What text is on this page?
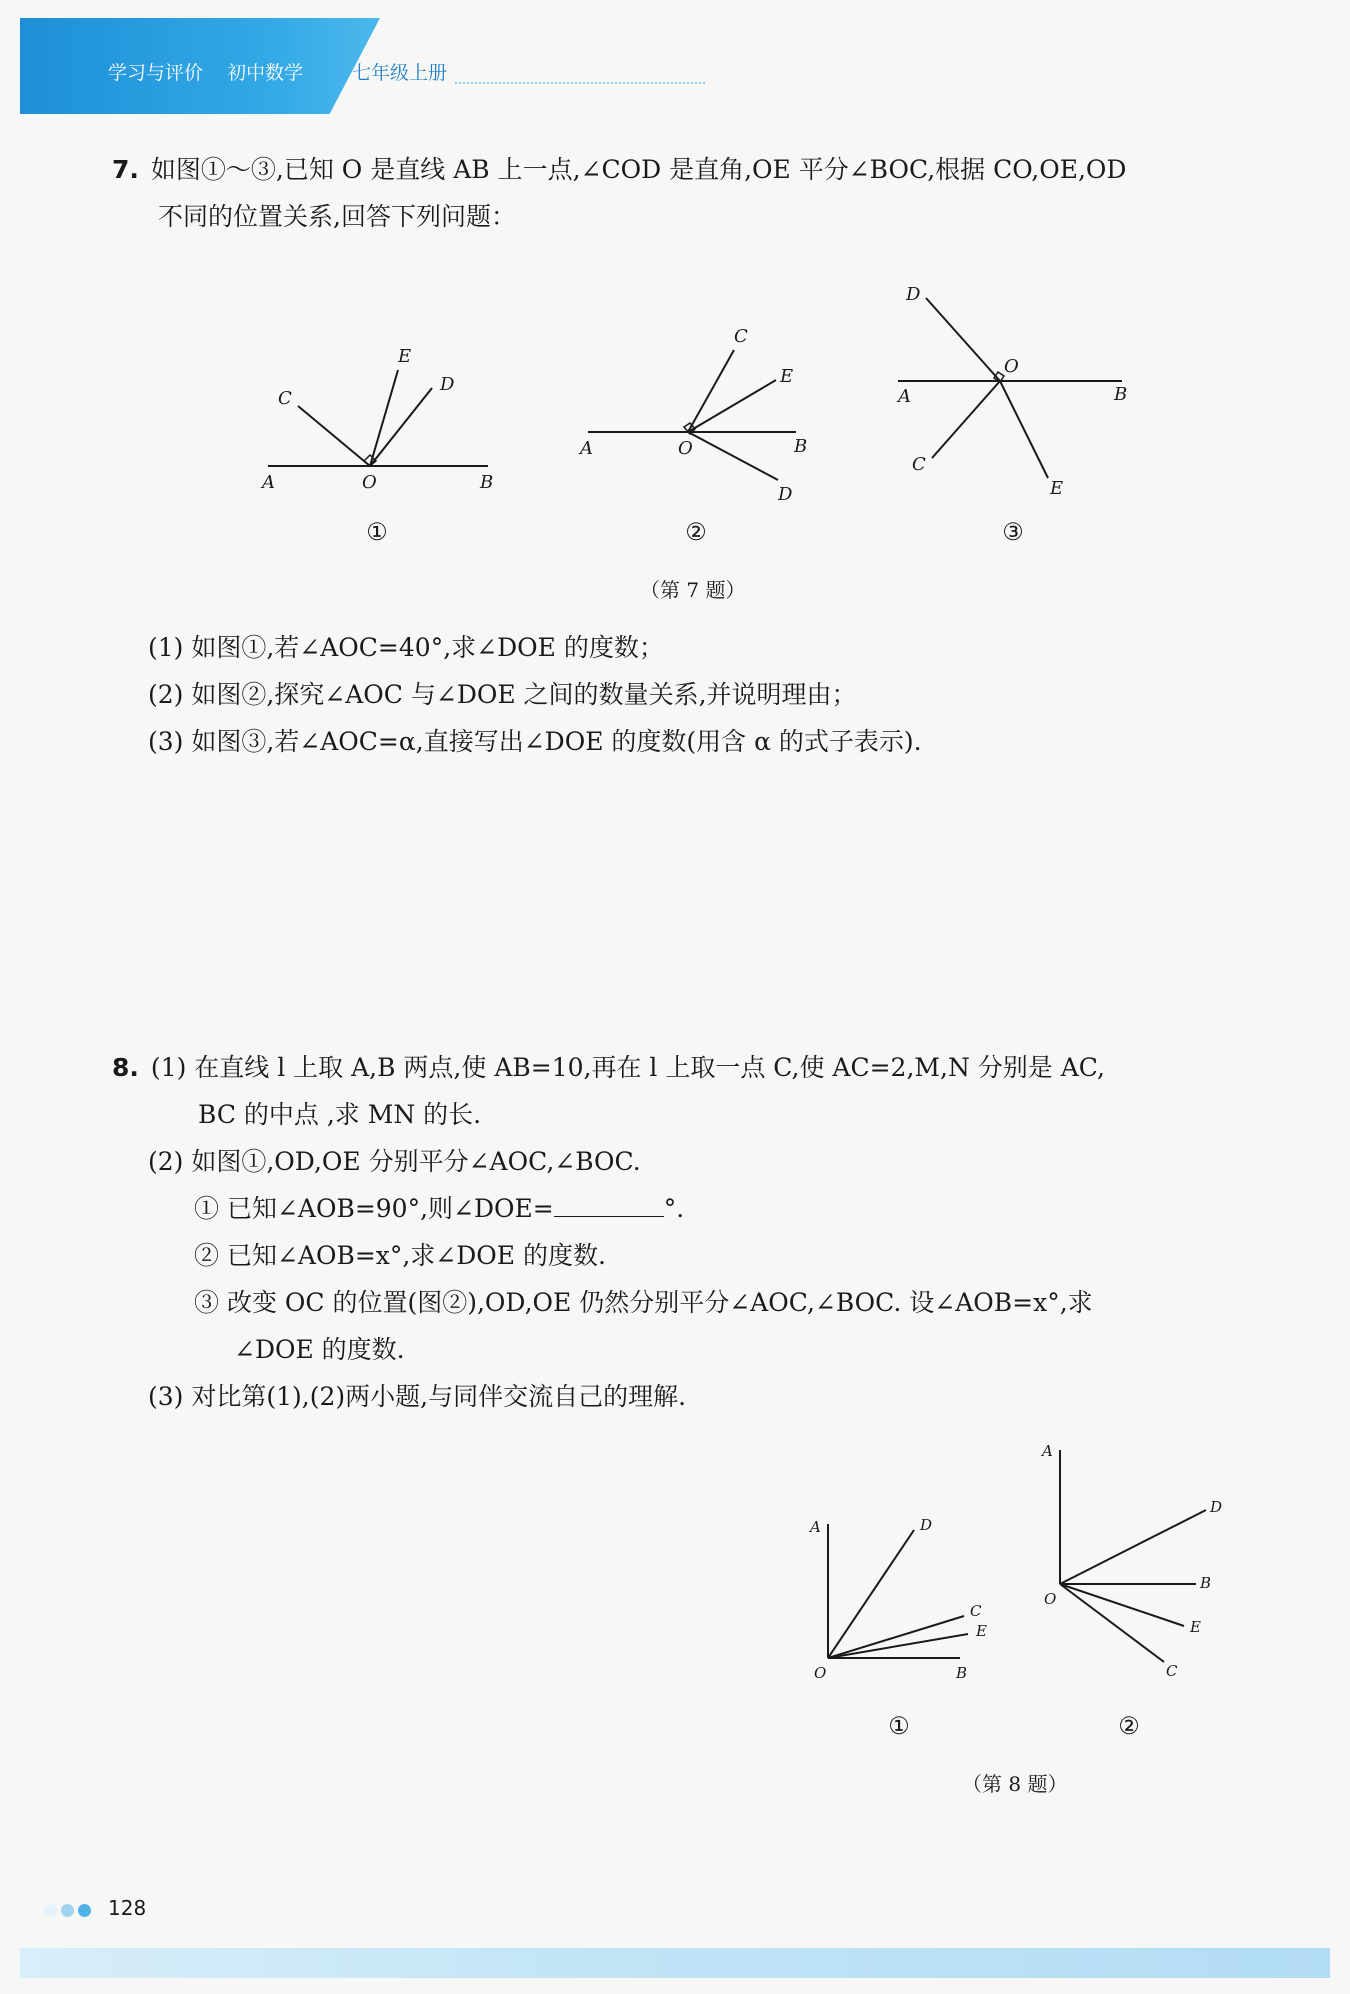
学习与评价 初中数学	七年级上册
7. 如图①～③,已知 O 是直线 AB 上一点,∠COD 是直角,OE 平分∠BOC,根据 CO,OE,OD
不同的位置关系,回答下列问题：
C
E
D
A	O	B
①
C
E
A	O	B
D
②
D
O
A	B
C
E
③
（第 7 题）
(1) 如图①,若∠AOC=40°,求∠DOE 的度数；
(2) 如图②,探究∠AOC 与∠DOE 之间的数量关系,并说明理由；
(3) 如图③,若∠AOC=α,直接写出∠DOE 的度数(用含 α 的式子表示).
8. (1) 在直线 l 上取 A,B 两点,使 AB=10,再在 l 上取一点 C,使 AC=2,M,N 分别是 AC,
BC 的中点 ,求 MN 的长.
(2) 如图①,OD,OE 分别平分∠AOC,∠BOC.
① 已知∠AOB=90°,则∠DOE=	°.
② 已知∠AOB=x°,求∠DOE 的度数.
③ 改变 OC 的位置(图②),OD,OE 仍然分别平分∠AOC,∠BOC. 设∠AOB=x°,求
∠DOE 的度数.
(3) 对比第(1),(2)两小题,与同伴交流自己的理解.
A	D
C
E
O	B
①
A
D
O
B
E
C
②
（第 8 题）
128
